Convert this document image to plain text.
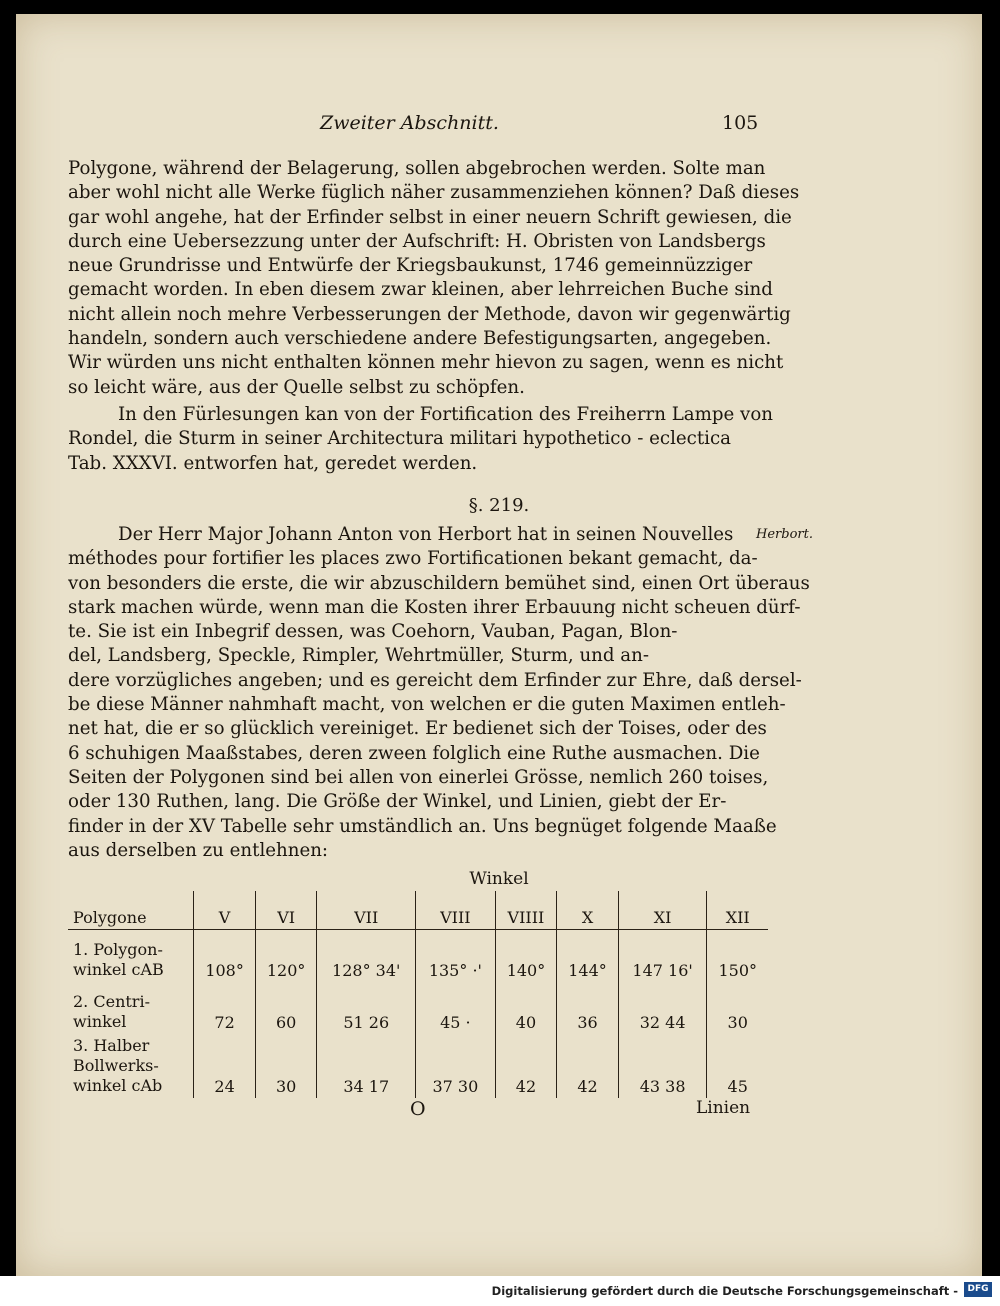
Zweiter Abschnitt.	105
Polygone, während der Belagerung, sollen abgebrochen werden. Solte man
aber wohl nicht alle Werke füglich näher zusammenziehen können? Daß dieses
gar wohl angehe, hat der Erfinder selbst in einer neuern Schrift gewiesen, die
durch eine Uebersezzung unter der Aufschrift: H. Obristen von Landsbergs
neue Grundrisse und Entwürfe der Kriegsbaukunst, 1746 gemeinnüzziger
gemacht worden. In eben diesem zwar kleinen, aber lehrreichen Buche sind
nicht allein noch mehre Verbesserungen der Methode, davon wir gegenwärtig
handeln, sondern auch verschiedene andere Befestigungsarten, angegeben.
Wir würden uns nicht enthalten können mehr hievon zu sagen, wenn es nicht
so leicht wäre, aus der Quelle selbst zu schöpfen.
In den Fürlesungen kan von der Fortification des Freiherrn Lampe von
Rondel, die Sturm in seiner Architectura militari hypothetico - eclectica
Tab. XXXVI. entworfen hat, geredet werden.
§. 219.
Der Herr Major Johann Anton von Herbort hat in seinen Nouvelles
méthodes pour fortifier les places zwo Fortificationen bekant gemacht, da-
von besonders die erste, die wir abzuschildern bemühet sind, einen Ort überaus
stark machen würde, wenn man die Kosten ihrer Erbauung nicht scheuen dürf-
te. Sie ist ein Inbegrif dessen, was Coehorn, Vauban, Pagan, Blon-
del, Landsberg, Speckle, Rimpler, Wehrtmüller, Sturm, und an-
dere vorzügliches angeben; und es gereicht dem Erfinder zur Ehre, daß dersel-
be diese Männer nahmhaft macht, von welchen er die guten Maximen entleh-
net hat, die er so glücklich vereiniget. Er bedienet sich der Toises, oder des
6 schuhigen Maaßstabes, deren zween folglich eine Ruthe ausmachen. Die
Seiten der Polygonen sind bei allen von einerlei Grösse, nemlich 260 toises,
oder 130 Ruthen, lang. Die Größe der Winkel, und Linien, giebt der Er-
finder in der XV Tabelle sehr umständlich an. Uns begnüget folgende Maaße
aus derselben zu entlehnen:
Herbort.
Winkel
Polygone	V	VI	VII	VIII	VIIII	X	XI	XII
1. Polygon-
winkel cAB	108°	120°	128° 34'	135° ·'	140°	144°	147 16'	150°
2. Centri-
winkel	72	60	51 26	45 ·	40	36	32 44	30
3. Halber
Bollwerks-
winkel cAb	24	30	34 17	37 30	42	42	43 38	45
O	Linien
Digitalisierung gefördert durch die Deutsche Forschungsgemeinschaft -	DFG
